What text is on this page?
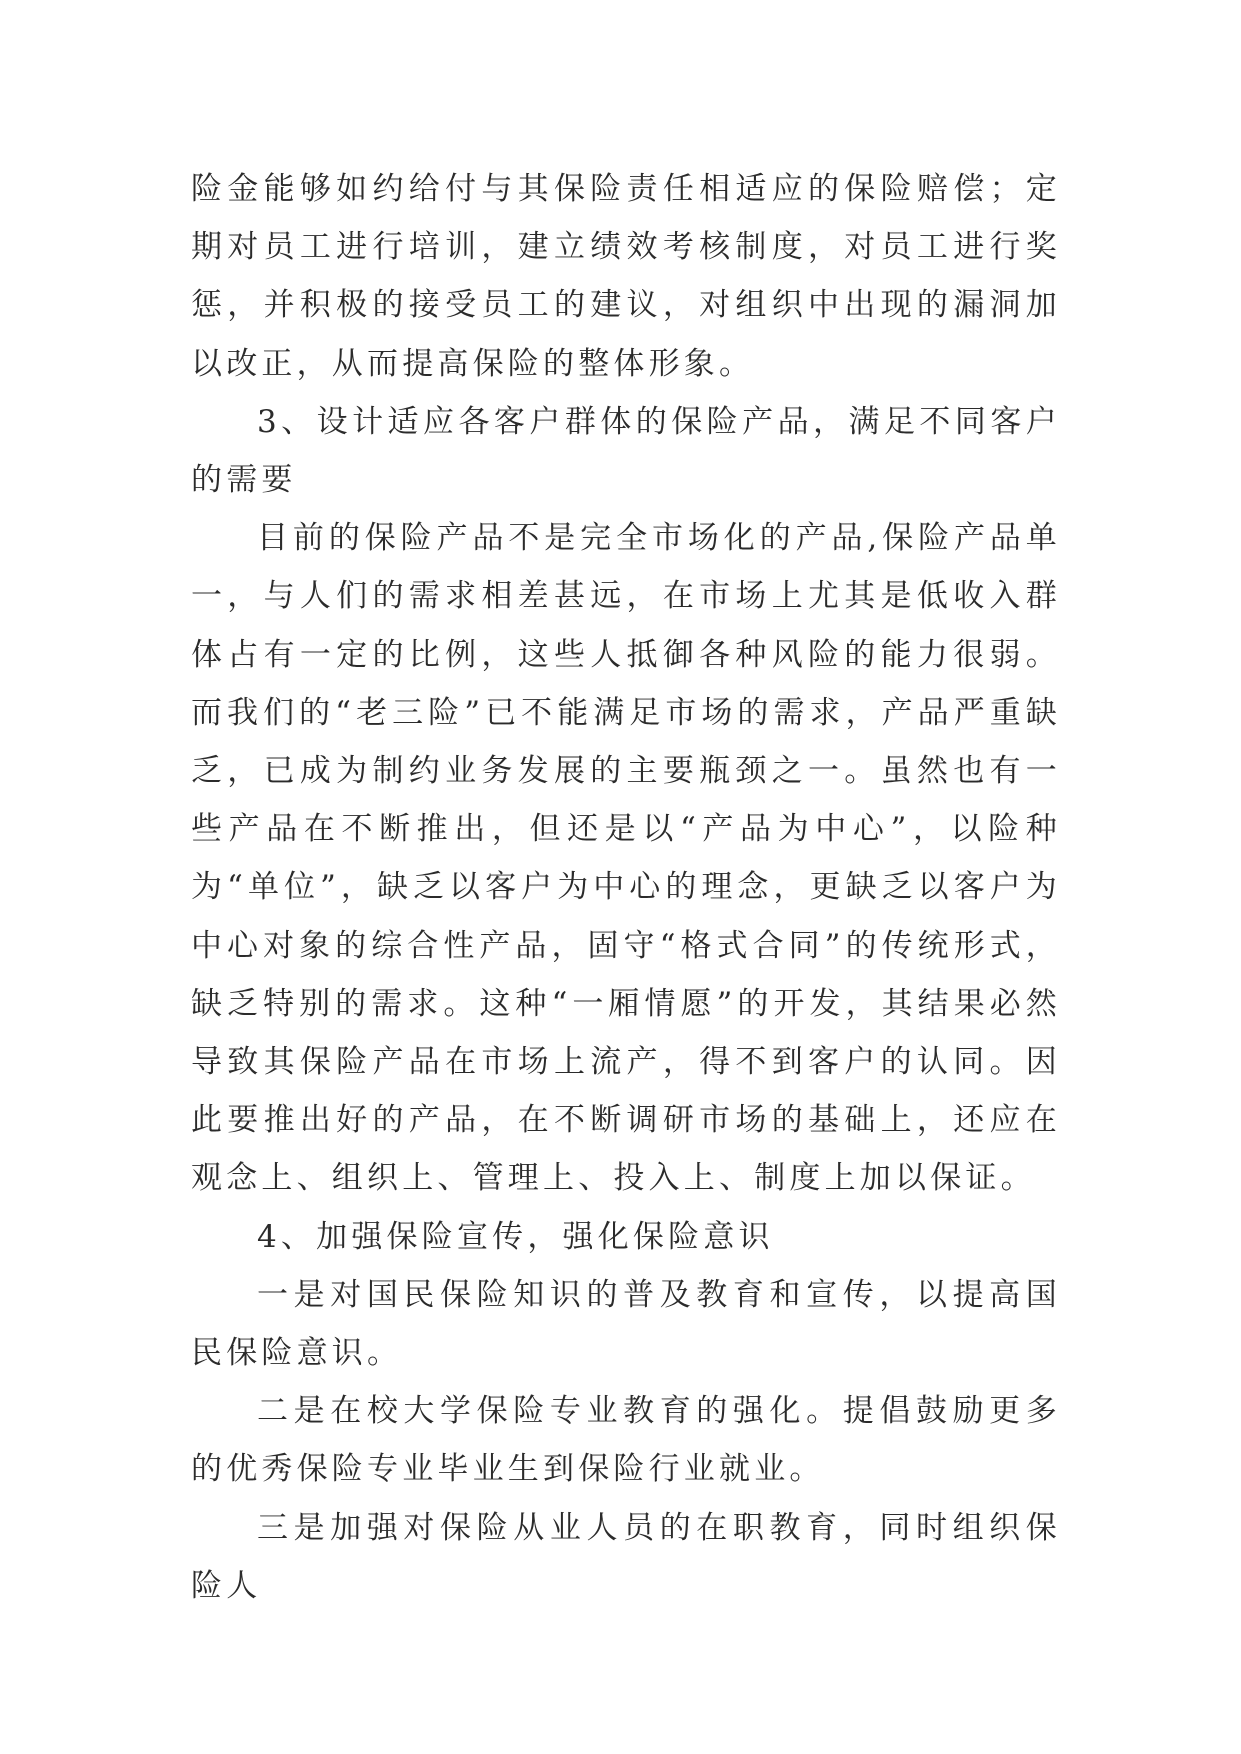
险金能够如约给付与其保险责任相适应的保险赔偿；定期对员工进行培训，建立绩效考核制度，对员工进行奖惩，并积极的接受员工的建议，对组织中出现的漏洞加以改正，从而提高保险的整体形象。

3、设计适应各客户群体的保险产品，满足不同客户的需要

目前的保险产品不是完全市场化的产品,保险产品单一，与人们的需求相差甚远，在市场上尤其是低收入群体占有一定的比例，这些人抵御各种风险的能力很弱。而我们的“老三险”已不能满足市场的需求，产品严重缺乏，已成为制约业务发展的主要瓶颈之一。虽然也有一些产品在不断推出，但还是以“产品为中心”，以险种为“单位”，缺乏以客户为中心的理念，更缺乏以客户为中心对象的综合性产品，固守“格式合同”的传统形式，缺乏特别的需求。这种“一厢情愿”的开发，其结果必然导致其保险产品在市场上流产，得不到客户的认同。因此要推出好的产品，在不断调研市场的基础上，还应在观念上、组织上、管理上、投入上、制度上加以保证。

4、加强保险宣传，强化保险意识

一是对国民保险知识的普及教育和宣传，以提高国民保险意识。

二是在校大学保险专业教育的强化。提倡鼓励更多的优秀保险专业毕业生到保险行业就业。

三是加强对保险从业人员的在职教育，同时组织保险人
